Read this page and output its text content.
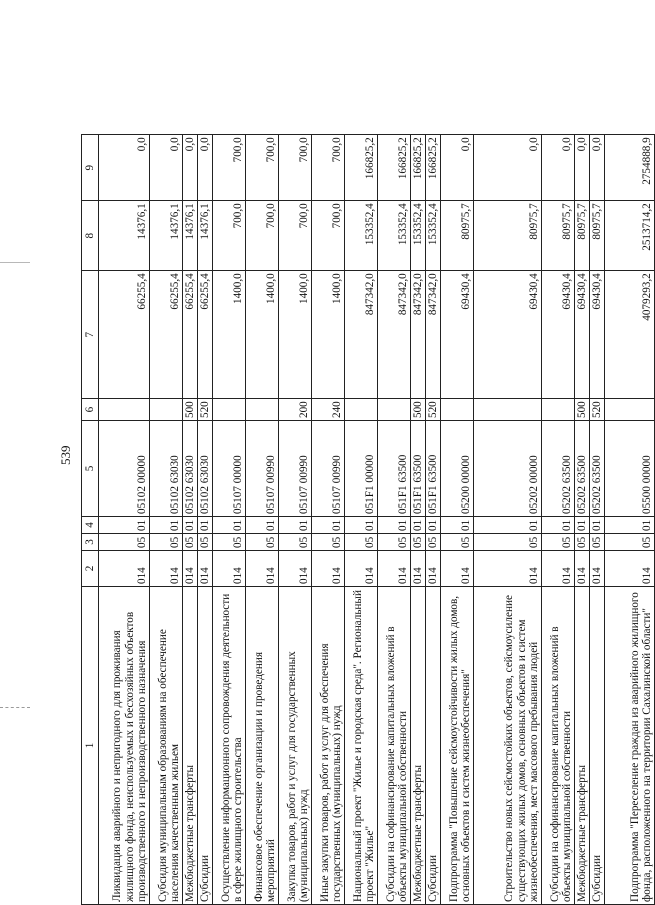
539
1	2	3	4	5	6	7	8	9
Ликвидация аварийного и непригодного для проживания жилищного фонда, неиспользуемых и бесхозяйных объектов производственного и непроизводственного назначения	014	05	01	05102 00000		66255,4	14376,1	0,0
Субсидия муниципальным образованиям на обеспечение населения качественным жильем	014	05	01	05102 63030		66255,4	14376,1	0,0
Межбюджетные трансферты	014	05	01	05102 63030	500	66255,4	14376,1	0,0
Субсидии	014	05	01	05102 63030	520	66255,4	14376,1	0,0
Осуществление информационного сопровождения деятельности в сфере жилищного строительства	014	05	01	05107 00000		1400,0	700,0	700,0
Финансовое обеспечение организации и проведения мероприятий	014	05	01	05107 00990		1400,0	700,0	700,0
Закупка товаров, работ и услуг для государственных (муниципальных) нужд	014	05	01	05107 00990	200	1400,0	700,0	700,0
Иные закупки товаров, работ и услуг для обеспечения государственных (муниципальных) нужд	014	05	01	05107 00990	240	1400,0	700,0	700,0
Национальный проект "Жилье и городская среда". Региональный проект "Жилье"	014	05	01	051F1 00000		847342,0	153352,4	166825,2
Субсидии на софинансирование капитальных вложений в объекты муниципальной собственности	014	05	01	051F1 63500		847342,0	153352,4	166825,2
Межбюджетные трансферты	014	05	01	051F1 63500	500	847342,0	153352,4	166825,2
Субсидии	014	05	01	051F1 63500	520	847342,0	153352,4	166825,2
Подпрограмма "Повышение сейсмоустойчивости жилых домов, основных объектов и систем жизнеобеспечения"	014	05	01	05200 00000		69430,4	80975,7	0,0
Строительство новых сейсмостойких объектов, сейсмоусиление существующих жилых домов, основных объектов и систем жизнеобеспечения, мест массового пребывания людей	014	05	01	05202 00000		69430,4	80975,7	0,0
Субсидии на софинансирование капитальных вложений в объекты муниципальной собственности	014	05	01	05202 63500		69430,4	80975,7	0,0
Межбюджетные трансферты	014	05	01	05202 63500	500	69430,4	80975,7	0,0
Субсидии	014	05	01	05202 63500	520	69430,4	80975,7	0,0
Подпрограмма "Переселение граждан из аварийного жилищного фонда, расположенного на территории Сахалинской области"	014	05	01	05500 00000		4079293,2	2513714,2	2754888,9
